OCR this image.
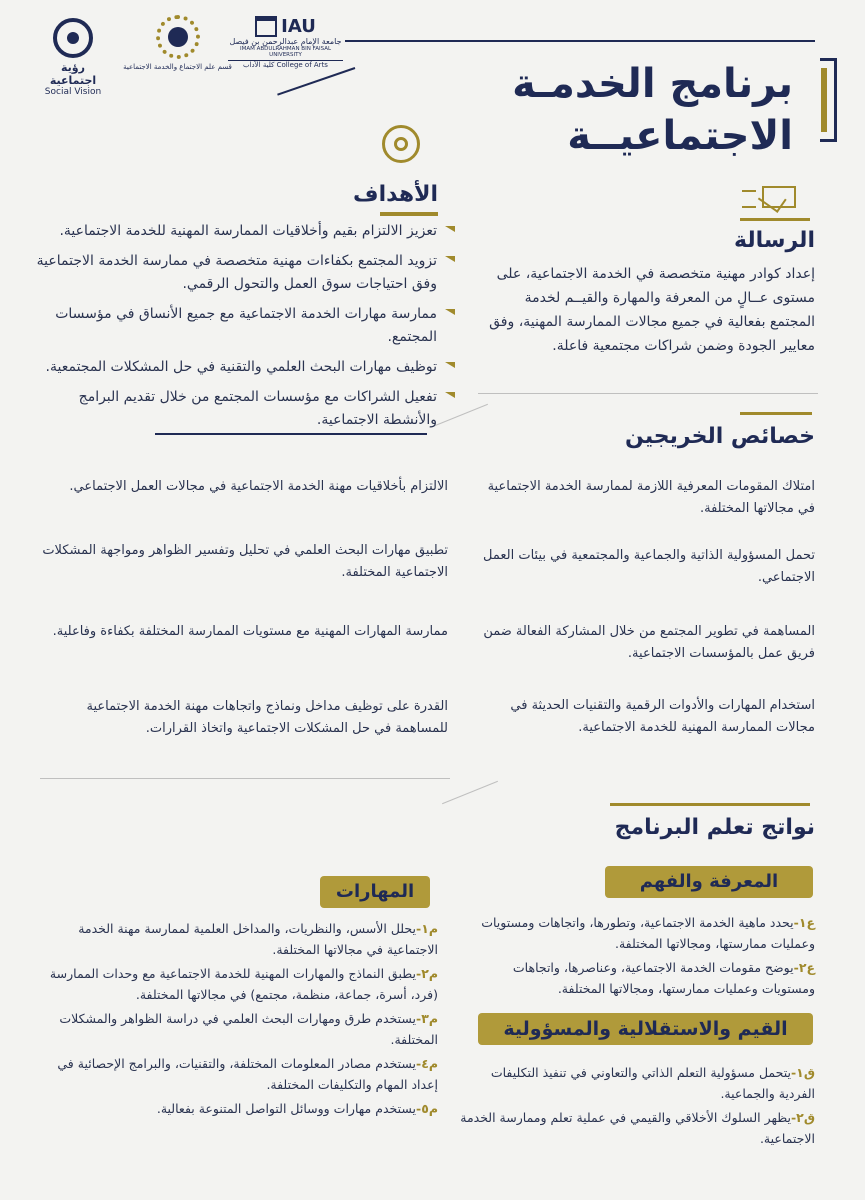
رؤية اجتماعية
Social Vision
قسم علم الاجتماع والخدمة الاجتماعية
IAU
جامعة الإمام عبدالرحمن بن فيصل
IMAM ABDULRAHMAN BIN FAISAL UNIVERSITY
كلية الآداب College of Arts	برنامج الخدمـة
الاجتماعيــة
الأهداف
تعزيز الالتزام بقيم وأخلاقيات الممارسة المهنية للخدمة الاجتماعية.
تزويد المجتمع بكفاءات مهنية متخصصة في ممارسة الخدمة الاجتماعية وفق احتياجات سوق العمل والتحول الرقمي.
ممارسة مهارات الخدمة الاجتماعية مع جميع الأنساق في مؤسسات المجتمع.
توظيف مهارات البحث العلمي والتقنية في حل المشكلات المجتمعية.
تفعيل الشراكات مع مؤسسات المجتمع من خلال تقديم البرامج والأنشطة الاجتماعية.
الرسالة
إعداد كوادر مهنية متخصصة في الخدمة الاجتماعية، على مستوى عــالٍ من المعرفة والمهارة والقيــم لخدمة المجتمع بفعالية في جميع مجالات الممارسة المهنية، وفق معايير الجودة وضمن شراكات مجتمعية فاعلة.
خصائص الخريجين
امتلاك المقومات المعرفية اللازمة لممارسة الخدمة الاجتماعية في مجالاتها المختلفة.
تحمل المسؤولية الذاتية والجماعية والمجتمعية في بيئات العمل الاجتماعي.
المساهمة في تطوير المجتمع من خلال المشاركة الفعالة ضمن فريق عمل بالمؤسسات الاجتماعية.
استخدام المهارات والأدوات الرقمية والتقنيات الحديثة في مجالات الممارسة المهنية للخدمة الاجتماعية.
الالتزام بأخلاقيات مهنة الخدمة الاجتماعية في مجالات العمل الاجتماعي.
تطبيق مهارات البحث العلمي في تحليل وتفسير الظواهر ومواجهة المشكلات الاجتماعية المختلفة.
ممارسة المهارات المهنية مع مستويات الممارسة المختلفة بكفاءة وفاعلية.
القدرة على توظيف مداخل ونماذج واتجاهات مهنة الخدمة الاجتماعية للمساهمة في حل المشكلات الاجتماعية واتخاذ القرارات.
نواتج تعلم البرنامج
المعرفة والفهم
ع١-يحدد ماهية الخدمة الاجتماعية، وتطورها، واتجاهات ومستويات وعمليات ممارستها، ومجالاتها المختلفة.
ع٢-يوضح مقومات الخدمة الاجتماعية، وعناصرها، واتجاهات ومستويات وعمليات ممارستها، ومجالاتها المختلفة.
القيم والاستقلالية والمسؤولية
ق١-يتحمل مسؤولية التعلم الذاتي والتعاوني في تنفيذ التكليفات الفردية والجماعية.
ق٢-يظهر السلوك الأخلاقي والقيمي في عملية تعلم وممارسة الخدمة الاجتماعية.
المهارات
م١-يحلل الأسس، والنظريات، والمداخل العلمية لممارسة مهنة الخدمة الاجتماعية في مجالاتها المختلفة.
م٢-يطبق النماذج والمهارات المهنية للخدمة الاجتماعية مع وحدات الممارسة (فرد، أسرة، جماعة، منظمة، مجتمع) في مجالاتها المختلفة.
م٣-يستخدم طرق ومهارات البحث العلمي في دراسة الظواهر والمشكلات المختلفة.
م٤-يستخدم مصادر المعلومات المختلفة، والتقنيات، والبرامج الإحصائية في إعداد المهام والتكليفات المختلفة.
م٥-يستخدم مهارات ووسائل التواصل المتنوعة بفعالية.
